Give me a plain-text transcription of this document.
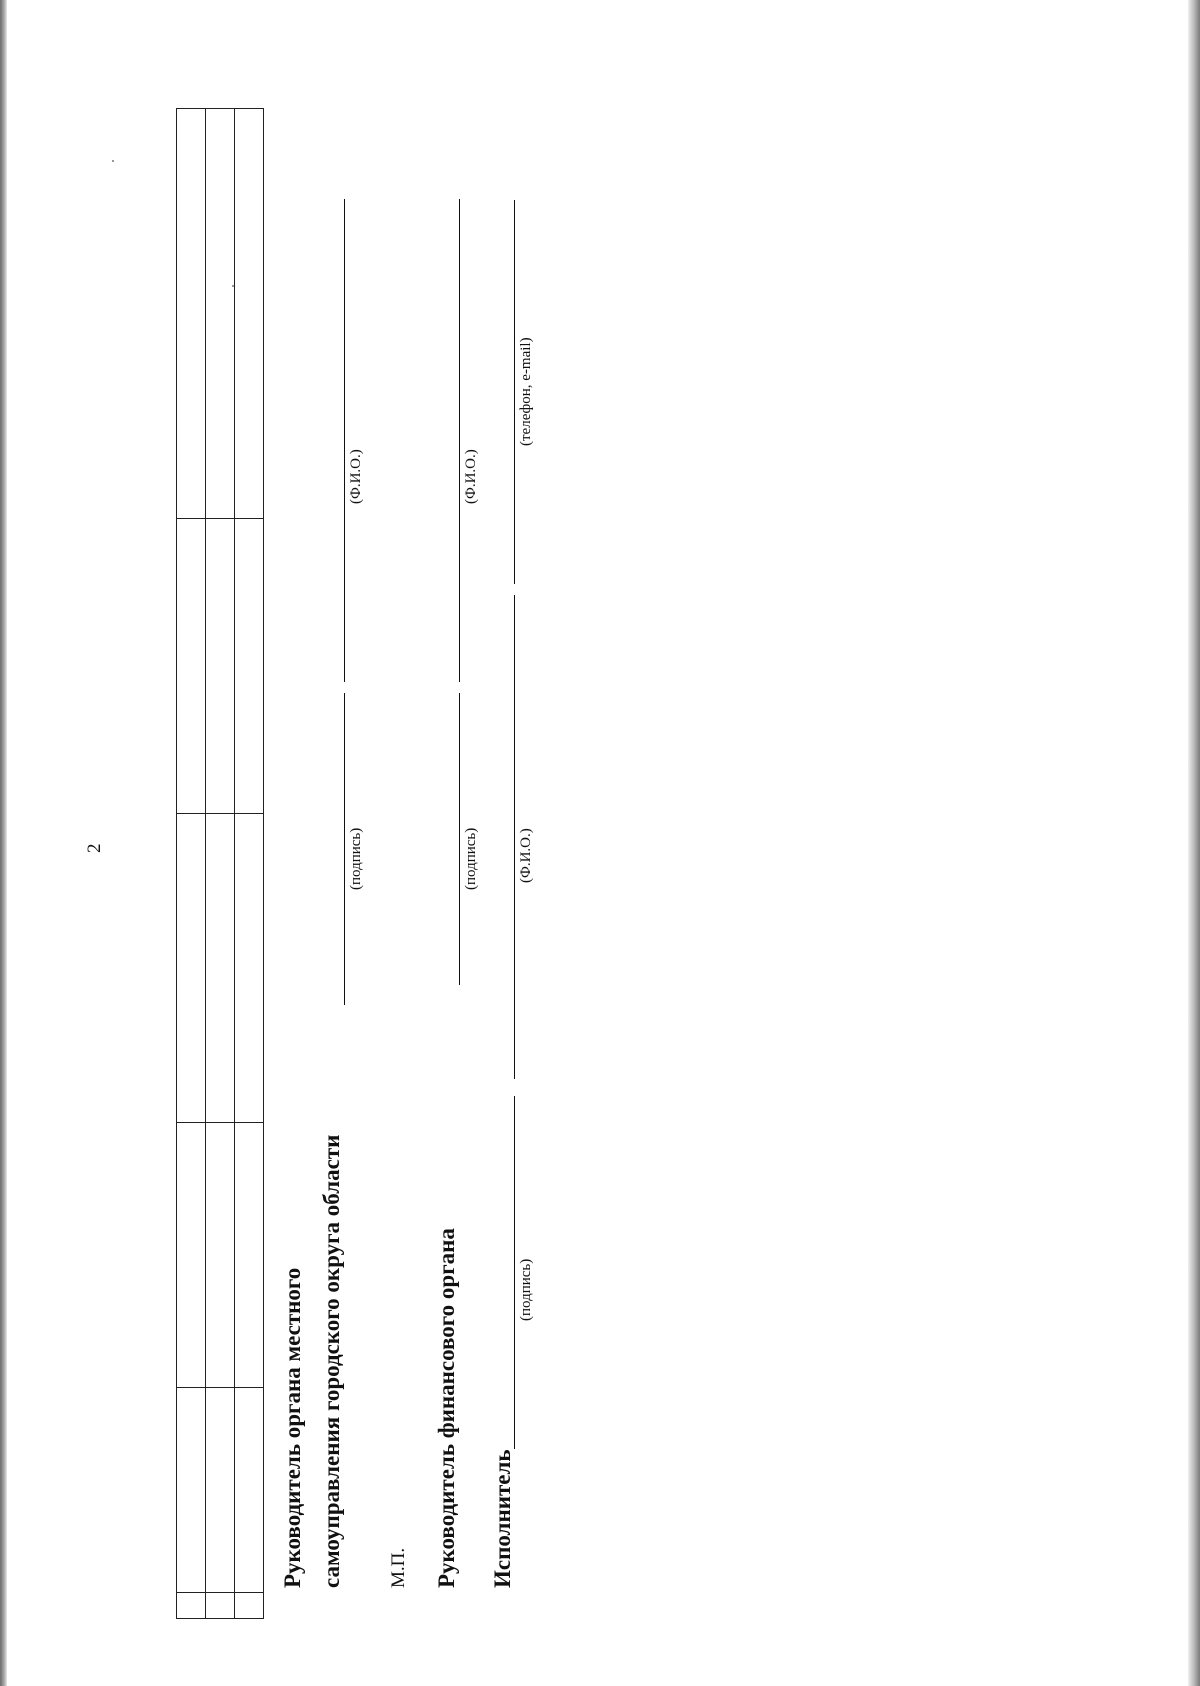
2

Руководитель органа местного самоуправления городского округа области
(подпись)
(Ф.И.О.)
М.П. Руководитель финансового органа
(подпись)
(Ф.И.О.)
Исполнитель
(подпись)
(Ф.И.О.)
(телефон, e-mail)
